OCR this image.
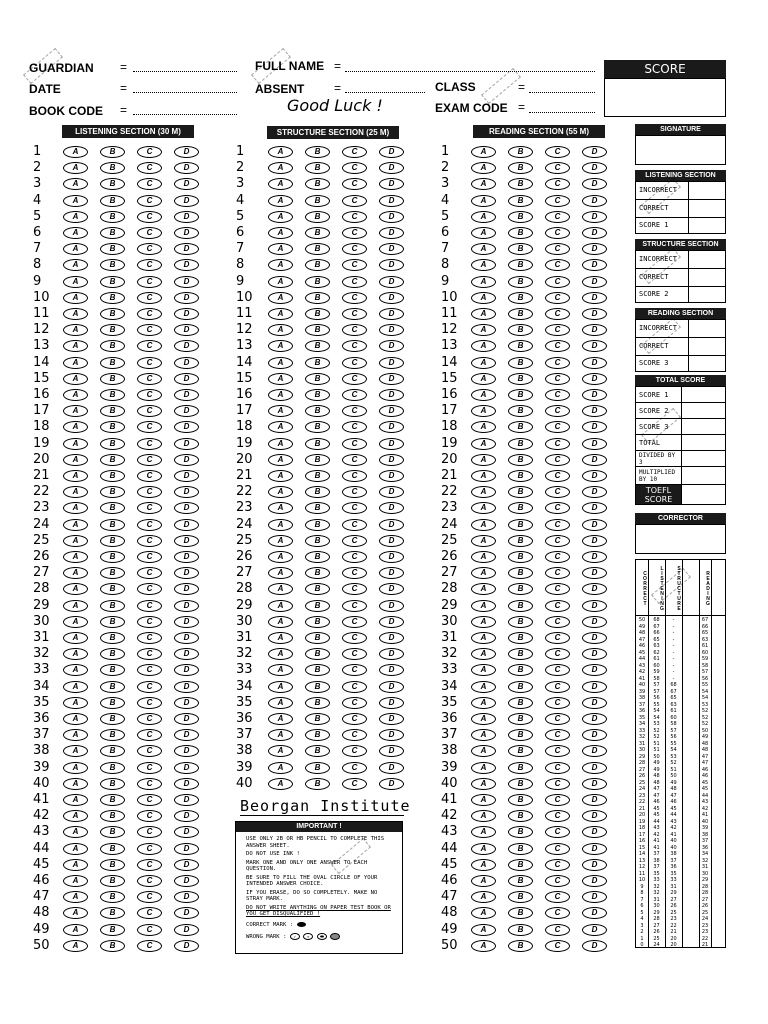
GUARDIAN =
DATE	=
BOOK CODE =
FULL NAME =
ABSENT =	CLASS	=
EXAM CODE =
Good Luck !
SCORE
LISTENING SECTION (30 M)	STRUCTURE SECTION (25 M)	READING SECTION (55 M)
1	A	B	C	D
2	A	B	C	D
3	A	B	C	D
4	A	B	C	D
5	A	B	C	D
6	A	B	C	D
7	A	B	C	D
8	A	B	C	D
9	A	B	C	D
10	A	B	C	D
11	A	B	C	D
12	A	B	C	D
13	A	B	C	D
14	A	B	C	D
15	A	B	C	D
16	A	B	C	D
17	A	B	C	D
18	A	B	C	D
19	A	B	C	D
20	A	B	C	D
21	A	B	C	D
22	A	B	C	D
23	A	B	C	D
24	A	B	C	D
25	A	B	C	D
26	A	B	C	D
27	A	B	C	D
28	A	B	C	D
29	A	B	C	D
30	A	B	C	D
31	A	B	C	D
32	A	B	C	D
33	A	B	C	D
34	A	B	C	D
35	A	B	C	D
36	A	B	C	D
37	A	B	C	D
38	A	B	C	D
39	A	B	C	D
40	A	B	C	D
41	A	B	C	D
42	A	B	C	D
43	A	B	C	D
44	A	B	C	D
45	A	B	C	D
46	A	B	C	D
47	A	B	C	D
48	A	B	C	D
49	A	B	C	D
50	A	B	C	D
1	A	B	C	D
2	A	B	C	D
3	A	B	C	D
4	A	B	C	D
5	A	B	C	D
6	A	B	C	D
7	A	B	C	D
8	A	B	C	D
9	A	B	C	D
10	A	B	C	D
11	A	B	C	D
12	A	B	C	D
13	A	B	C	D
14	A	B	C	D
15	A	B	C	D
16	A	B	C	D
17	A	B	C	D
18	A	B	C	D
19	A	B	C	D
20	A	B	C	D
21	A	B	C	D
22	A	B	C	D
23	A	B	C	D
24	A	B	C	D
25	A	B	C	D
26	A	B	C	D
27	A	B	C	D
28	A	B	C	D
29	A	B	C	D
30	A	B	C	D
31	A	B	C	D
32	A	B	C	D
33	A	B	C	D
34	A	B	C	D
35	A	B	C	D
36	A	B	C	D
37	A	B	C	D
38	A	B	C	D
39	A	B	C	D
40	A	B	C	D
1	A	B	C	D
2	A	B	C	D
3	A	B	C	D
4	A	B	C	D
5	A	B	C	D
6	A	B	C	D
7	A	B	C	D
8	A	B	C	D
9	A	B	C	D
10	A	B	C	D
11	A	B	C	D
12	A	B	C	D
13	A	B	C	D
14	A	B	C	D
15	A	B	C	D
16	A	B	C	D
17	A	B	C	D
18	A	B	C	D
19	A	B	C	D
20	A	B	C	D
21	A	B	C	D
22	A	B	C	D
23	A	B	C	D
24	A	B	C	D
25	A	B	C	D
26	A	B	C	D
27	A	B	C	D
28	A	B	C	D
29	A	B	C	D
30	A	B	C	D
31	A	B	C	D
32	A	B	C	D
33	A	B	C	D
34	A	B	C	D
35	A	B	C	D
36	A	B	C	D
37	A	B	C	D
38	A	B	C	D
39	A	B	C	D
40	A	B	C	D
41	A	B	C	D
42	A	B	C	D
43	A	B	C	D
44	A	B	C	D
45	A	B	C	D
46	A	B	C	D
47	A	B	C	D
48	A	B	C	D
49	A	B	C	D
50	A	B	C	D
Beorgan Institute
IMPORTANT !
USE ONLY 2B OR HB PENCIL TO COMPLETE THIS ANSWER SHEET.
DO NOT USE INK !
MARK ONE AND ONLY ONE ANSWER TO EACH QUESTION.
BE SURE TO FILL THE OVAL CIRCLE OF YOUR INTENDED ANSWER CHOICE.
IF YOU ERASE, DO SO COMPLETELY. MAKE NO STRAY MARK.
DO NOT WRITE ANYTHING ON PAPER TEST BOOK OR YOU GET DISQUALIFIED !
CORRECT MARK :
WRONG MARK : ✓	✕
SIGNATURE
LISTENING SECTION
INCORRECT
CORRECT
SCORE 1
STRUCTURE SECTION
INCORRECT
CORRECT
SCORE 2
READING SECTION
INCORRECT
CORRECT
SCORE 3
TOTAL SCORE
SCORE 1
SCORE 2
SCORE 3
TOTAL
DIVIDED BY 3
MULTIPLIED BY 10
TOEFL SCORE
CORRECTOR
CORRECT	LISTENING	STRUCTURE	READING
50	68	-	67
49	67	-	66
48	66	-	65
47	65	-	63
46	63	-	61
45	62	-	60
44	61	-	59
43	60	-	58
42	59	-	57
41	58	-	56
40	57	68	55
39	57	67	54
38	56	65	54
37	55	63	53
36	54	61	52
35	54	60	52
34	53	58	52
33	52	57	50
32	52	56	49
31	51	55	48
30	51	54	48
29	50	53	47
28	49	52	47
27	49	51	46
26	48	50	46
25	48	49	45
24	47	48	45
23	47	47	44
22	46	46	43
21	45	45	42
20	45	44	41
19	44	43	40
18	43	42	39
17	42	41	38
16	41	40	37
15	41	40	36
14	37	38	34
13	38	37	32
12	37	36	31
11	35	35	30
10	33	33	29
9	32	31	28
8	32	29	28
7	31	27	27
6	30	26	26
5	29	25	25
4	28	23	24
3	27	22	23
2	26	21	23
1	25	20	22
0	24	20	21
